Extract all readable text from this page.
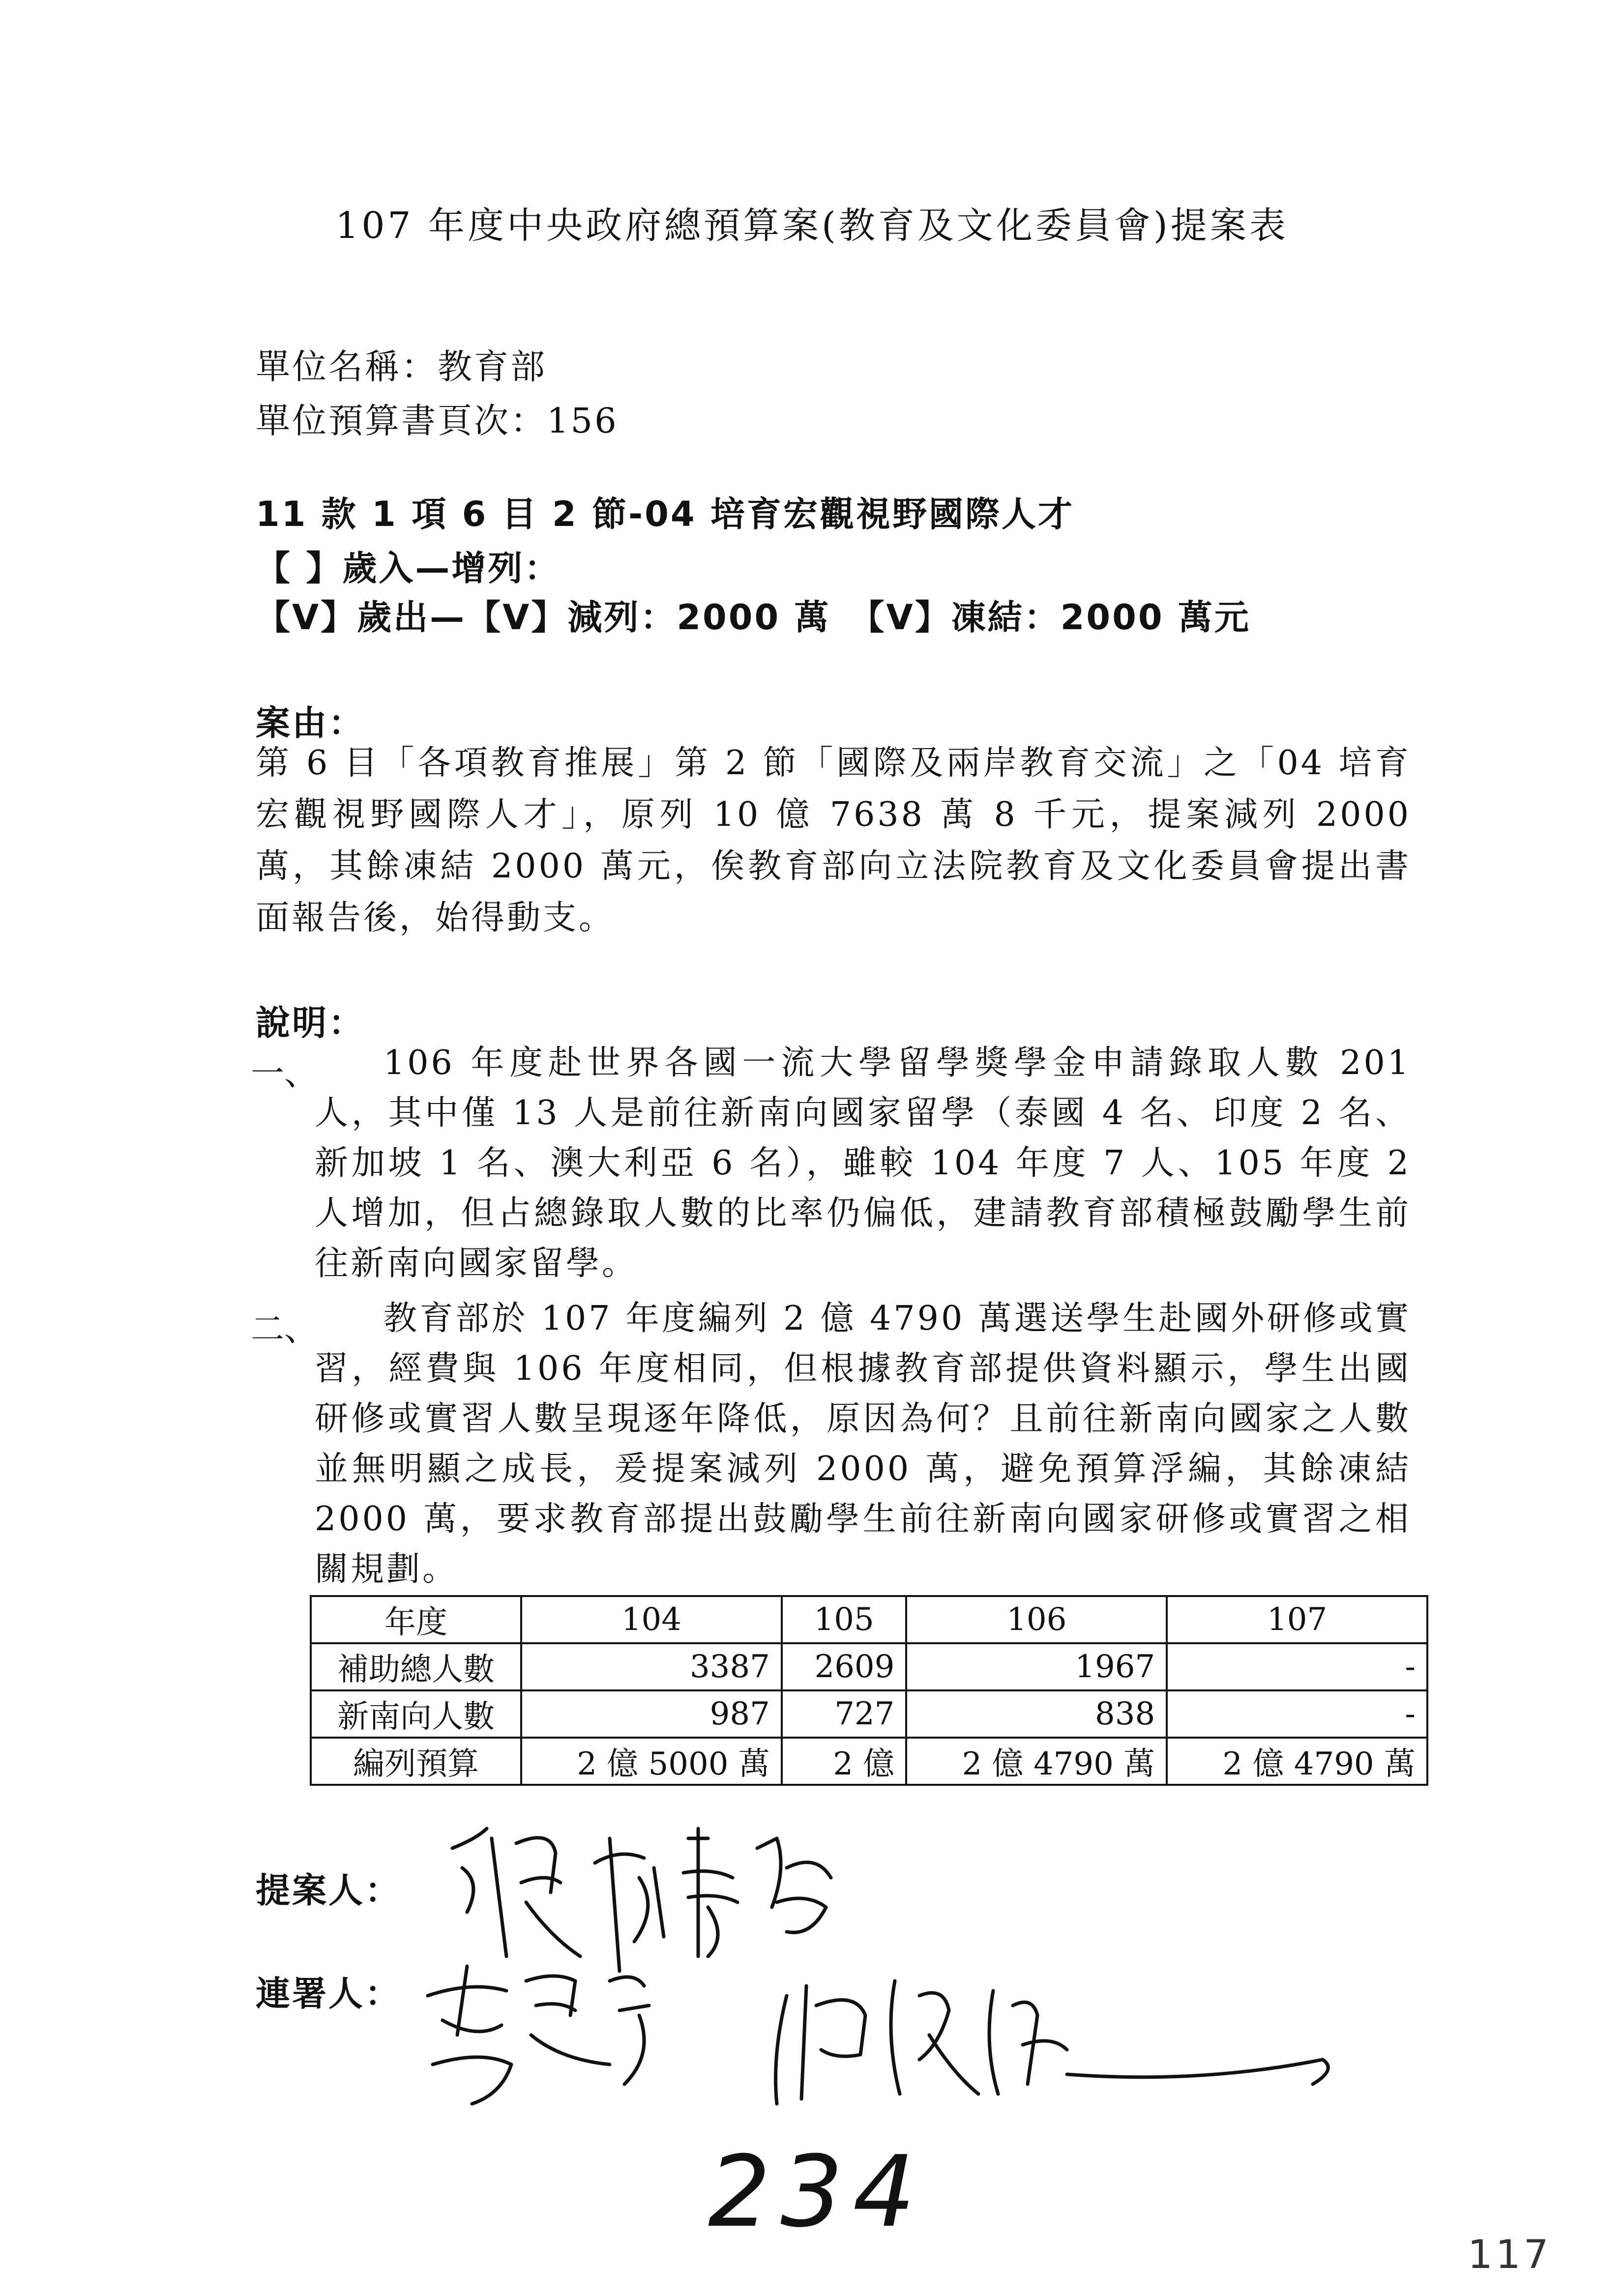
107 年度中央政府總預算案(教育及文化委員會)提案表
單位名稱：教育部
單位預算書頁次：156
11 款 1 項 6 目 2 節-04 培育宏觀視野國際人才
【 】歲入—增列：
【V】歲出—【V】減列：2000 萬　【V】凍結：2000 萬元
案由：
第 6 目「各項教育推展」第 2 節「國際及兩岸教育交流」之「04 培育宏觀視野國際人才」，原列 10 億 7638 萬 8 千元，提案減列 2000 萬，其餘凍結 2000 萬元，俟教育部向立法院教育及文化委員會提出書面報告後，始得動支。
說明：
一、	106 年度赴世界各國一流大學留學獎學金申請錄取人數 201 人，其中僅 13 人是前往新南向國家留學（泰國 4 名、印度 2 名、新加坡 1 名、澳大利亞 6 名），雖較 104 年度 7 人、105 年度 2 人增加，但占總錄取人數的比率仍偏低，建請教育部積極鼓勵學生前往新南向國家留學。
二、	教育部於 107 年度編列 2 億 4790 萬選送學生赴國外研修或實習，經費與 106 年度相同，但根據教育部提供資料顯示，學生出國研修或實習人數呈現逐年降低，原因為何？且前往新南向國家之人數並無明顯之成長，爰提案減列 2000 萬，避免預算浮編，其餘凍結 2000 萬，要求教育部提出鼓勵學生前往新南向國家研修或實習之相關規劃。
年度	104	105	106	107
補助總人數	3387	2609	1967	-
新南向人數	987	727	838	-
編列預算	2 億 5000 萬	2 億	2 億 4790 萬	2 億 4790 萬
提案人：
連署人：
234
117
